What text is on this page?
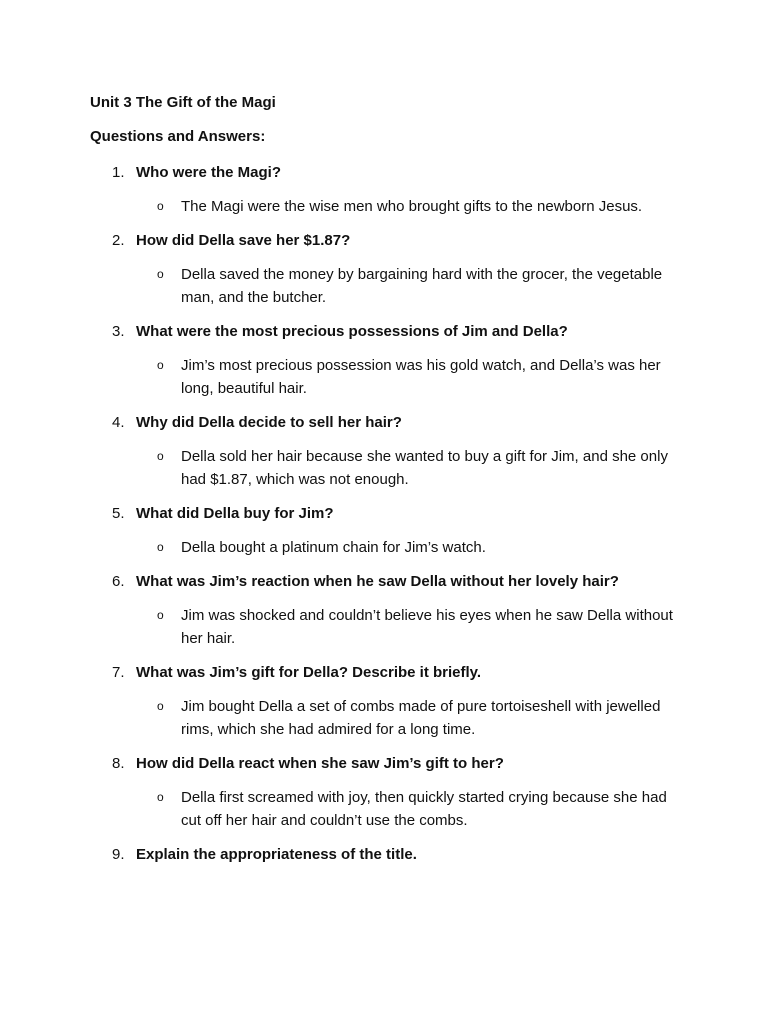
Unit 3 The Gift of the Magi
Questions and Answers:
1. Who were the Magi?
o The Magi were the wise men who brought gifts to the newborn Jesus.
2. How did Della save her $1.87?
o Della saved the money by bargaining hard with the grocer, the vegetable man, and the butcher.
3. What were the most precious possessions of Jim and Della?
o Jim’s most precious possession was his gold watch, and Della’s was her long, beautiful hair.
4. Why did Della decide to sell her hair?
o Della sold her hair because she wanted to buy a gift for Jim, and she only had $1.87, which was not enough.
5. What did Della buy for Jim?
o Della bought a platinum chain for Jim’s watch.
6. What was Jim’s reaction when he saw Della without her lovely hair?
o Jim was shocked and couldn’t believe his eyes when he saw Della without her hair.
7. What was Jim’s gift for Della? Describe it briefly.
o Jim bought Della a set of combs made of pure tortoiseshell with jewelled rims, which she had admired for a long time.
8. How did Della react when she saw Jim’s gift to her?
o Della first screamed with joy, then quickly started crying because she had cut off her hair and couldn’t use the combs.
9. Explain the appropriateness of the title.
